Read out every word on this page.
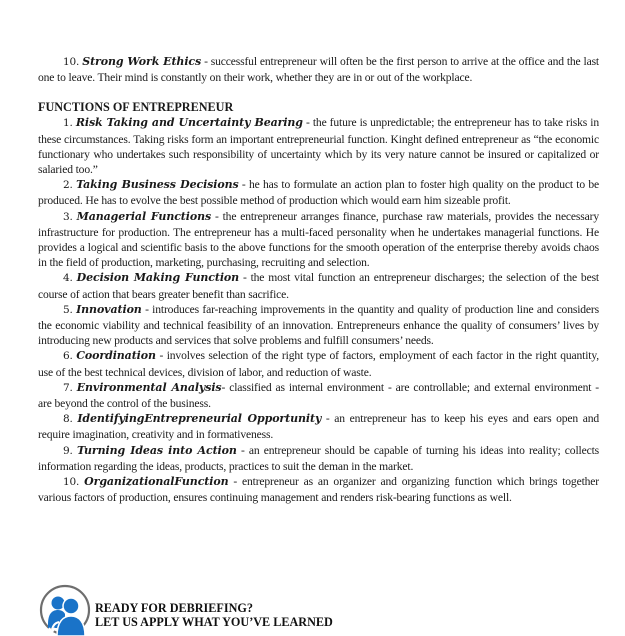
10. Strong Work Ethics - successful entrepreneur will often be the first person to arrive at the office and the last one to leave. Their mind is constantly on their work, whether they are in or out of the workplace.

FUNCTIONS OF ENTREPRENEUR

1. Risk Taking and Uncertainty Bearing - the future is unpredictable; the entrepreneur has to take risks in these circumstances. Taking risks form an important entrepreneurial function. Kinght defined entrepreneur as “the economic functionary who undertakes such responsibility of uncertainty which by its very nature cannot be insured or capitalized or salaried too.”

2. Taking Business Decisions - he has to formulate an action plan to foster high quality on the product to be produced. He has to evolve the best possible method of production which would earn him sizeable profit.

3. Managerial Functions - the entrepreneur arranges finance, purchase raw materials, provides the necessary infrastructure for production. The entrepreneur has a multi-faced personality when he undertakes managerial functions. He provides a logical and scientific basis to the above functions for the smooth operation of the enterprise thereby avoids chaos in the field of production, marketing, purchasing, recruiting and selection.

4. Decision Making Function - the most vital function an entrepreneur discharges; the selection of the best course of action that bears greater benefit than sacrifice.

5. Innovation - introduces far-reaching improvements in the quantity and quality of production line and considers the economic viability and technical feasibility of an innovation. Entrepreneurs enhance the quality of consumers’ lives by introducing new products and services that solve problems and fulfill consumers’ needs.

6. Coordination - involves selection of the right type of factors, employment of each factor in the right quantity, use of the best technical devices, division of labor, and reduction of waste.

7. Environmental Analysis- classified as internal environment - are controllable; and external environment - are beyond the control of the business.

8. IdentifyingEntrepreneurial Opportunity - an entrepreneur has to keep his eyes and ears open and require imagination, creativity and in formativeness.

9. Turning Ideas into Action - an entrepreneur should be capable of turning his ideas into reality; collects information regarding the ideas, products, practices to suit the deman in the market.

10. OrganizationalFunction - entrepreneur as an organizer and organizing function which brings together various factors of production, ensures continuing management and renders risk-bearing functions as well.

READY FOR DEBRIEFING?
LET US APPLY WHAT YOU’VE LEARNED
